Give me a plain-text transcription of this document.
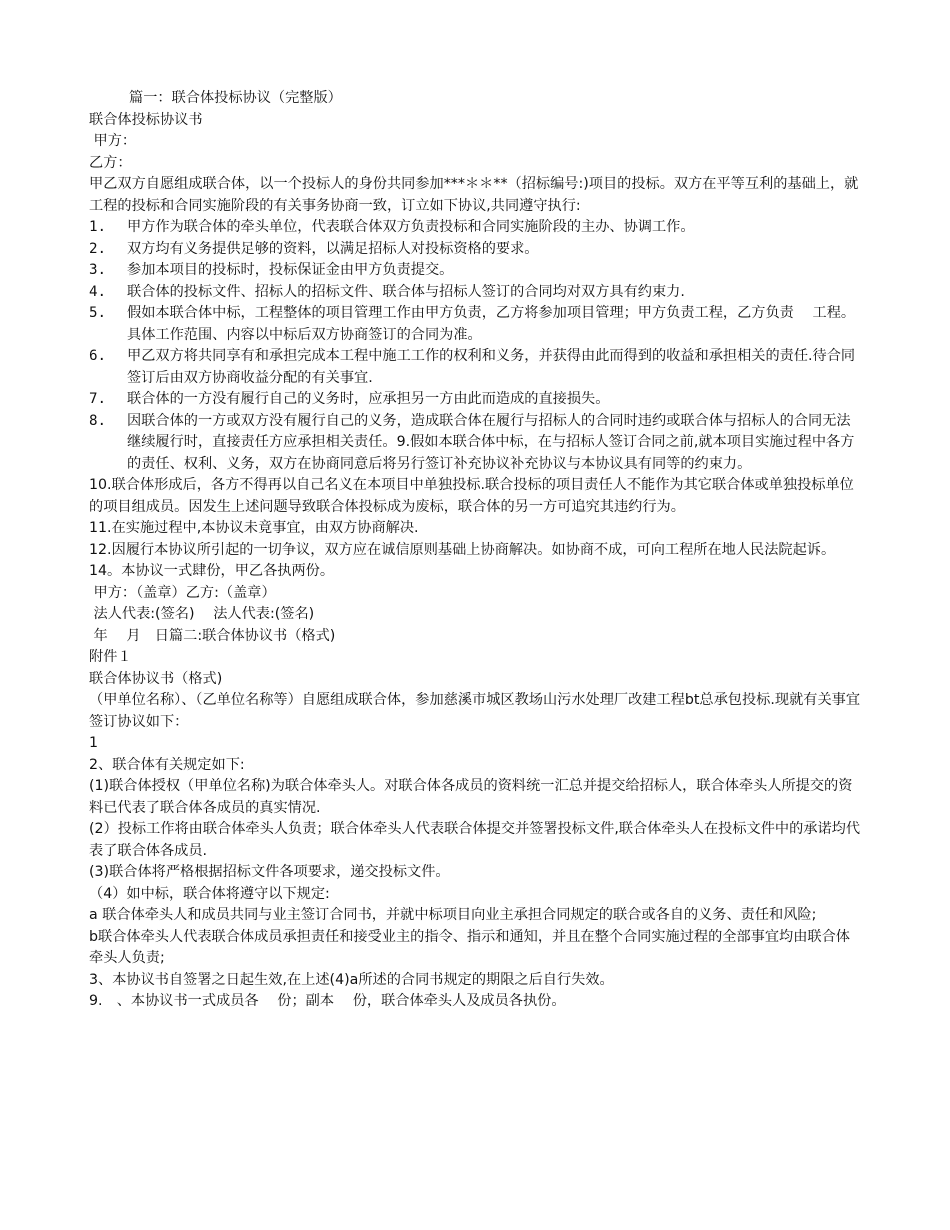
篇一：联合体投标协议（完整版）

联合体投标协议书

甲方：

乙方：

甲乙双方自愿组成联合体，以一个投标人的身份共同参加***＊＊**（招标编号:)项目的投标。双方在平等互利的基础上，就工程的投标和合同实施阶段的有关事务协商一致，订立如下协议,共同遵守执行:

1.	甲方作为联合体的牵头单位，代表联合体双方负责投标和合同实施阶段的主办、协调工作。
2.	双方均有义务提供足够的资料，以满足招标人对投标资格的要求。
3.	参加本项目的投标时，投标保证金由甲方负责提交。
4.	联合体的投标文件、招标人的招标文件、联合体与招标人签订的合同均对双方具有约束力.
5.	假如本联合体中标，工程整体的项目管理工作由甲方负责，乙方将参加项目管理；甲方负责工程，乙方负责　 工程。具体工作范围、内容以中标后双方协商签订的合同为准。
6.	甲乙双方将共同享有和承担完成本工程中施工工作的权利和义务，并获得由此而得到的收益和承担相关的责任.待合同签订后由双方协商收益分配的有关事宜.
7.	联合体的一方没有履行自己的义务时，应承担另一方由此而造成的直接损失。
8.	因联合体的一方或双方没有履行自己的义务，造成联合体在履行与招标人的合同时违约或联合体与招标人的合同无法继续履行时，直接责任方应承担相关责任。9.假如本联合体中标，在与招标人签订合同之前,就本项目实施过程中各方的责任、权利、义务，双方在协商同意后将另行签订补充协议补充协议与本协议具有同等的约束力。

10.联合体形成后，各方不得再以自己名义在本项目中单独投标.联合投标的项目责任人不能作为其它联合体或单独投标单位的项目组成员。因发生上述问题导致联合体投标成为废标，联合体的另一方可追究其违约行为。

11.在实施过程中,本协议未竟事宜，由双方协商解决.

12.因履行本协议所引起的一切争议，双方应在诚信原则基础上协商解决。如协商不成，可向工程所在地人民法院起诉。

14。本协议一式肆份，甲乙各执两份。

甲方：（盖章）乙方:（盖章）

法人代表:(签名)　 法人代表:(签名)

年　 月　日篇二:联合体协议书（格式)

附件１

联合体协议书（格式)

（甲单位名称）、（乙单位名称等）自愿组成联合体，参加慈溪市城区教场山污水处理厂改建工程bt总承包投标.现就有关事宜签订协议如下：

1

2、联合体有关规定如下:

(1)联合体授权（甲单位名称)为联合体牵头人。对联合体各成员的资料统一汇总并提交给招标人，联合体牵头人所提交的资料已代表了联合体各成员的真实情况.

(2）投标工作将由联合体牵头人负责；联合体牵头人代表联合体提交并签署投标文件,联合体牵头人在投标文件中的承诺均代表了联合体各成员.

(3)联合体将严格根据招标文件各项要求，递交投标文件。

（4）如中标，联合体将遵守以下规定:

a 联合体牵头人和成员共同与业主签订合同书，并就中标项目向业主承担合同规定的联合或各自的义务、责任和风险;

b联合体牵头人代表联合体成员承担责任和接受业主的指令、指示和通知，并且在整个合同实施过程的全部事宜均由联合体牵头人负责;

3、本协议书自签署之日起生效,在上述(4)a所述的合同书规定的期限之后自行失效。

9.　、本协议书一式成员各　 份；副本　 份，联合体牵头人及成员各执份。
